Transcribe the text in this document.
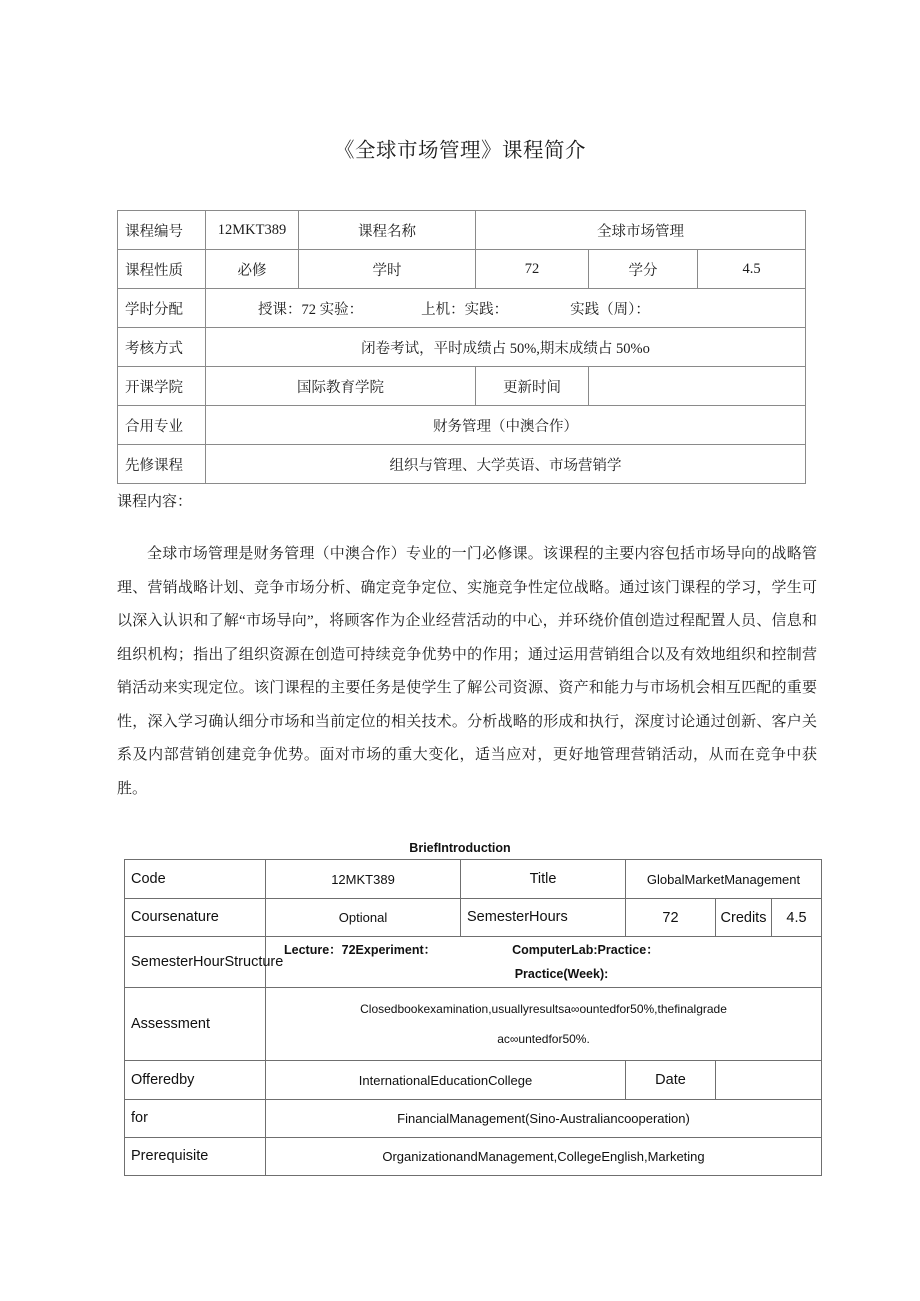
《全球市场管理》课程简介
课程编号	12MKT389	课程名称	全球市场管理		
课程性质	必修	学时	72	学分	4.5
学时分配	授课：72 实验： 上机：实践： 实践（周）：				
考核方式	闭卷考试，平时成绩占 50%,期末成绩占 50%o				
开课学院	国际教育学院		更新时间		
合用专业	财务管理（中澳合作）				
先修课程	组织与管理、大学英语、市场营销学				
课程内容：
全球市场管理是财务管理（中澳合作）专业的一门必修课。该课程的主要内容包括市场导向的战略管理、营销战略计划、竞争市场分析、确定竞争定位、实施竞争性定位战略。通过该门课程的学习，学生可以深入认识和了解“市场导向”，将顾客作为企业经营活动的中心，并环绕价值创造过程配置人员、信息和组织机构；指出了组织资源在创造可持续竞争优势中的作用；通过运用营销组合以及有效地组织和控制营销活动来实现定位。该门课程的主要任务是使学生了解公司资源、资产和能力与市场机会相互匹配的重要性，深入学习确认细分市场和当前定位的相关技术。分析战略的形成和执行，深度讨论通过创新、客户关系及内部营销创建竞争优势。面对市场的重大变化，适当应对，更好地管理营销活动，从而在竞争中获胜。
BriefIntroduction
Code	12MKT389	Title	GlobalMarketManagement		
Coursenature	Optional	SemesterHours	72	Credits	4.5
SemesterHourStructure	Lecture：72Experiment： ComputerLab:Practice：
Practice(Week):				

Assessment	Closedbookexamination,usuallyresultsa∞ountedfor50%,thefinalgrade
ac∞untedfor50%.				

Offeredby	InternationalEducationCollege		Date		
for	FinancialManagement(Sino-Australiancooperation)				
Prerequisite	OrganizationandManagement,CollegeEnglish,Marketing				
